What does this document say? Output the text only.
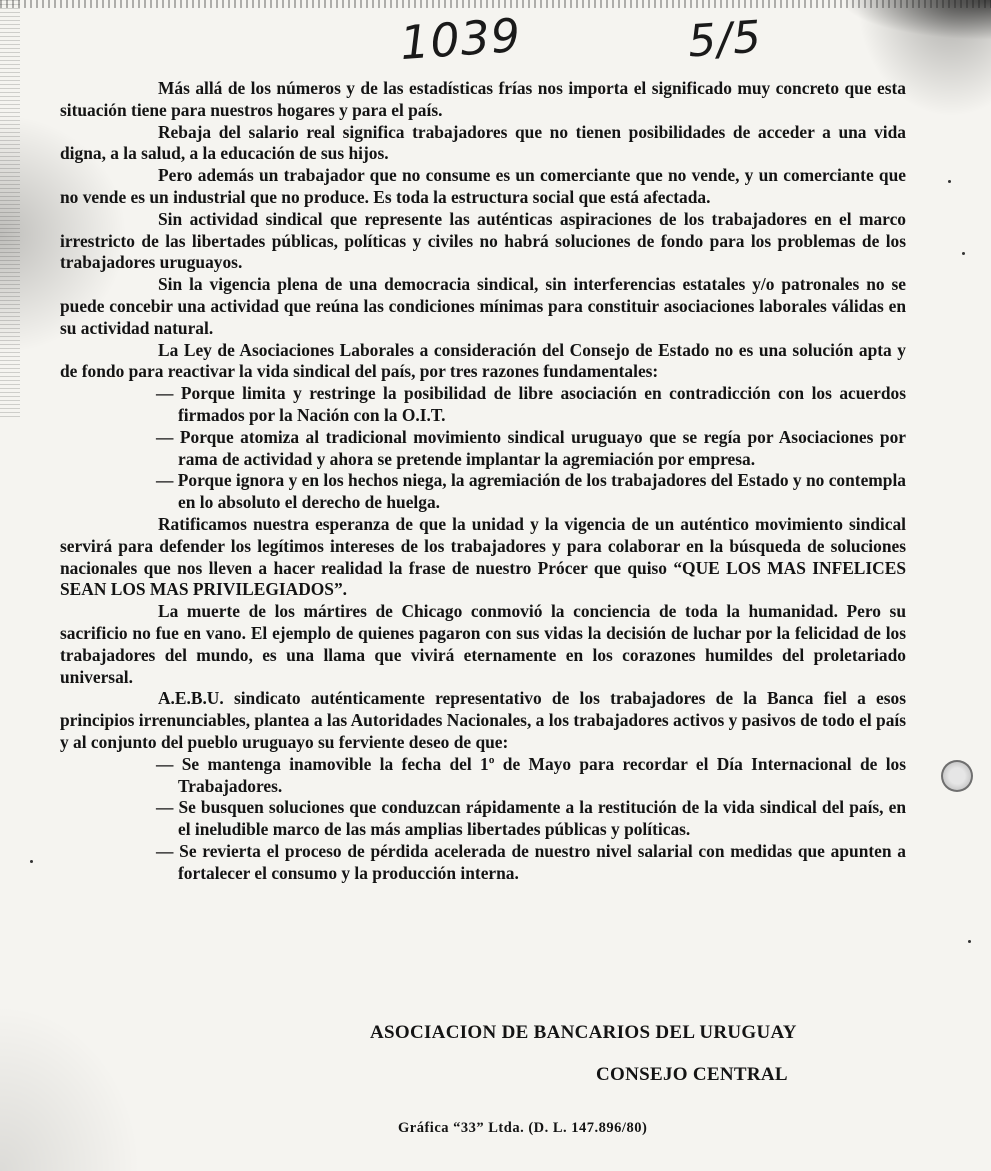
1039	5/5

Más allá de los números y de las estadísticas frías nos importa el significado muy concreto que esta situación tiene para nuestros hogares y para el país.

Rebaja del salario real significa trabajadores que no tienen posibilidades de acceder a una vida digna, a la salud, a la educación de sus hijos.

Pero además un trabajador que no consume es un comerciante que no vende, y un comerciante que no vende es un industrial que no produce. Es toda la estructura social que está afectada.

Sin actividad sindical que represente las auténticas aspiraciones de los trabajadores en el marco irrestricto de las libertades públicas, políticas y civiles no habrá soluciones de fondo para los problemas de los trabajadores uruguayos.

Sin la vigencia plena de una democracia sindical, sin interferencias estatales y/o patronales no se puede concebir una actividad que reúna las condiciones mínimas para constituir asociaciones laborales válidas en su actividad natural.

La Ley de Asociaciones Laborales a consideración del Consejo de Estado no es una solución apta y de fondo para reactivar la vida sindical del país, por tres razones fundamentales:

— Porque limita y restringe la posibilidad de libre asociación en contradicción con los acuerdos firmados por la Nación con la O.I.T.
— Porque atomiza al tradicional movimiento sindical uruguayo que se regía por Asociaciones por rama de actividad y ahora se pretende implantar la agremiación por empresa.
— Porque ignora y en los hechos niega, la agremiación de los trabajadores del Estado y no contempla en lo absoluto el derecho de huelga.

Ratificamos nuestra esperanza de que la unidad y la vigencia de un auténtico movimiento sindical servirá para defender los legítimos intereses de los trabajadores y para colaborar en la búsqueda de soluciones nacionales que nos lleven a hacer realidad la frase de nuestro Prócer que quiso “QUE LOS MAS INFELICES SEAN LOS MAS PRIVILEGIADOS”.

La muerte de los mártires de Chicago conmovió la conciencia de toda la humanidad. Pero su sacrificio no fue en vano. El ejemplo de quienes pagaron con sus vidas la decisión de luchar por la felicidad de los trabajadores del mundo, es una llama que vivirá eternamente en los corazones humildes del proletariado universal.

A.E.B.U. sindicato auténticamente representativo de los trabajadores de la Banca fiel a esos principios irrenunciables, plantea a las Autoridades Nacionales, a los trabajadores activos y pasivos de todo el país y al conjunto del pueblo uruguayo su ferviente deseo de que:

— Se mantenga inamovible la fecha del 1º de Mayo para recordar el Día Internacional de los Trabajadores.
— Se busquen soluciones que conduzcan rápidamente a la restitución de la vida sindical del país, en el ineludible marco de las más amplias libertades públicas y políticas.
— Se revierta el proceso de pérdida acelerada de nuestro nivel salarial con medidas que apunten a fortalecer el consumo y la producción interna.
ASOCIACION DE BANCARIOS DEL URUGUAY
CONSEJO CENTRAL
Gráfica “33” Ltda. (D. L. 147.896/80)
